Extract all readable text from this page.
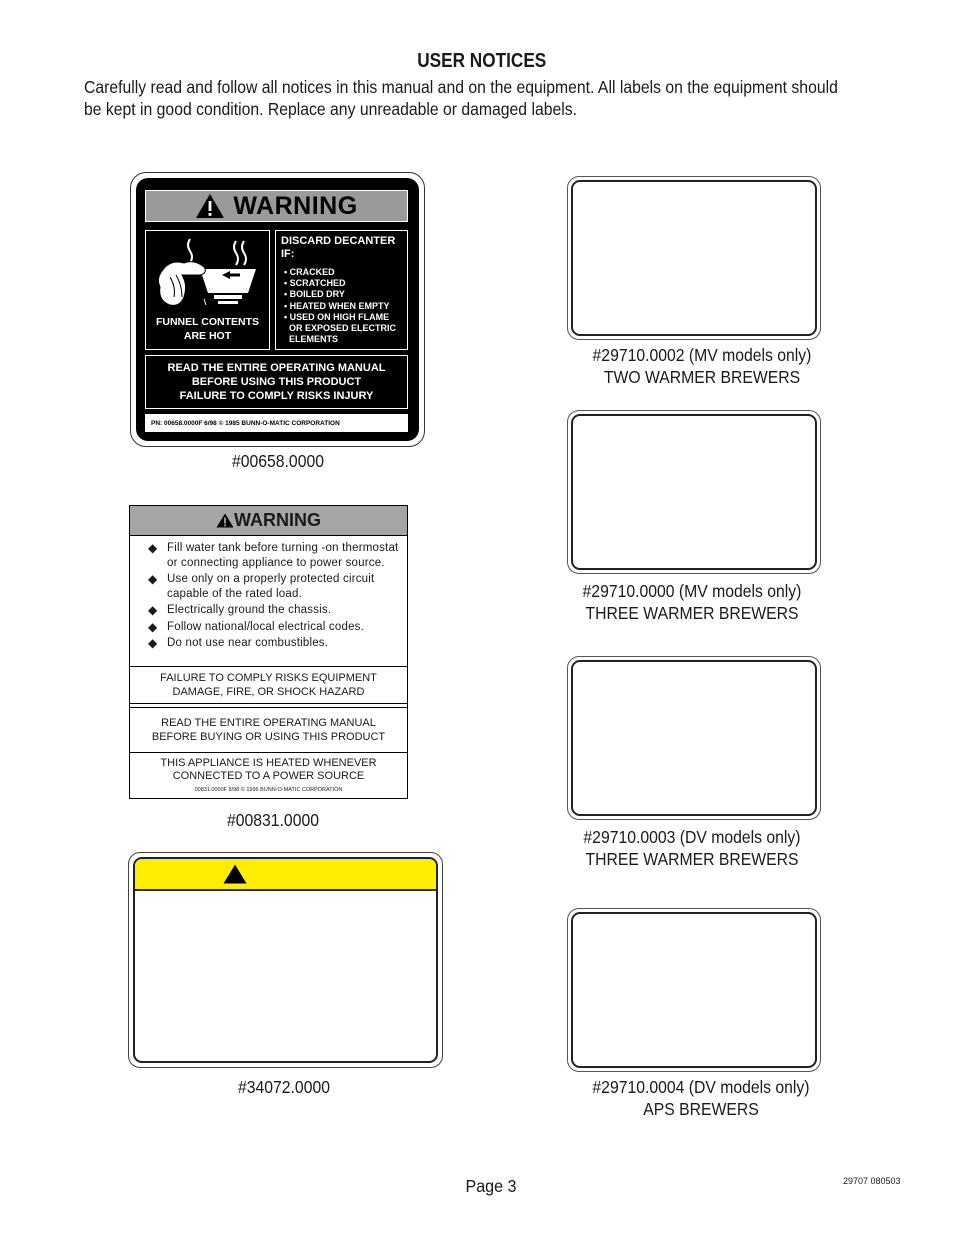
USER NOTICES
Carefully read and follow all notices in this manual and on the equipment. All labels on the equipment should
be kept in good condition. Replace any unreadable or damaged labels.
WARNING
FUNNEL CONTENTS
ARE HOT
DISCARD DECANTER
IF:
• CRACKED
• SCRATCHED
• BOILED DRY
• HEATED WHEN EMPTY
• USED ON HIGH FLAME
OR EXPOSED ELECTRIC
ELEMENTS
READ THE ENTIRE OPERATING MANUAL
BEFORE USING THIS PRODUCT
FAILURE TO COMPLY RISKS INJURY
PN: 00658.0000F 6/98 © 1985 BUNN-O-MATIC CORPORATION
#00658.0000
WARNING
◆ Fill water tank before turning -on thermostat or connecting appliance to power source.
◆ Use only on a properly protected circuit capable of the rated load.
◆ Electrically ground the chassis.
◆ Follow national/local electrical codes.
◆ Do not use near combustibles.
FAILURE TO COMPLY RISKS EQUIPMENT
DAMAGE, FIRE, OR SHOCK HAZARD
READ THE ENTIRE OPERATING MANUAL
BEFORE BUYING OR USING THIS PRODUCT
THIS APPLIANCE IS HEATED WHENEVER
CONNECTED TO A POWER SOURCE
00831.0000F 8/98 © 1996 BUNN-O-MATIC CORPORATION
#00831.0000
#34072.0000
#29710.0002 (MV models only)
TWO WARMER BREWERS
#29710.0000 (MV models only)
THREE WARMER BREWERS
#29710.0003 (DV models only)
THREE WARMER BREWERS
#29710.0004 (DV models only)
APS BREWERS
Page 3	29707 080503
